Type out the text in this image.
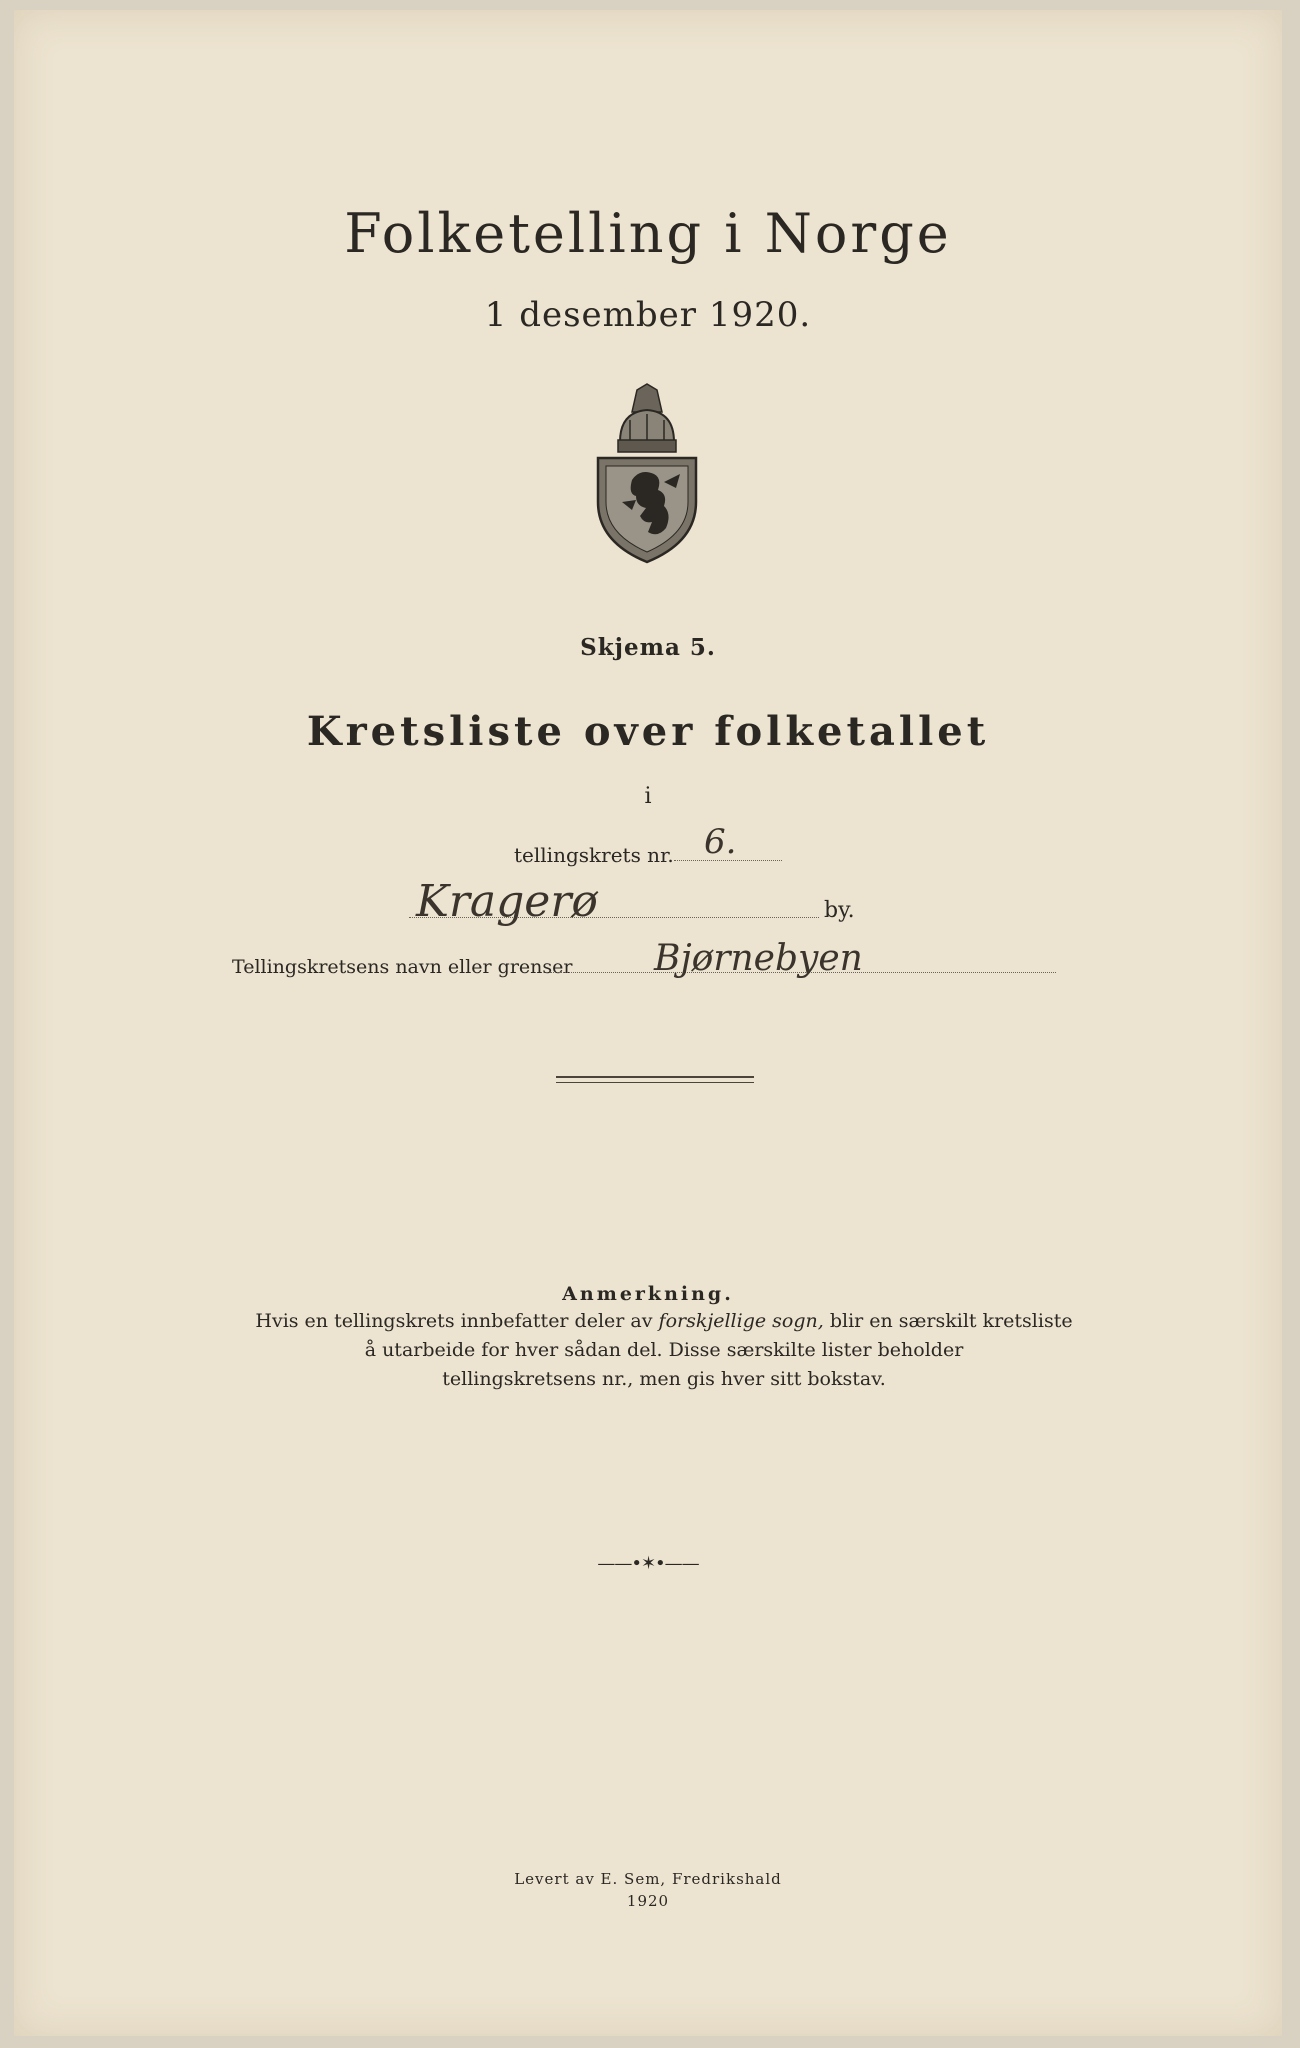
Folketelling i Norge
1 desember 1920.
Skjema 5.
Kretsliste over folketallet
i
tellingskrets nr. 6.
Kragerø	by.
Tellingskretsens navn eller grenser Bjørnebyen
Anmerkning.
Hvis en tellingskrets innbefatter deler av forskjellige sogn, blir en særskilt kretsliste
å utarbeide for hver sådan del. Disse særskilte lister beholder
tellingskretsens nr., men gis hver sitt bokstav.
——•✶•——
Levert av E. Sem, Fredrikshald
1920
